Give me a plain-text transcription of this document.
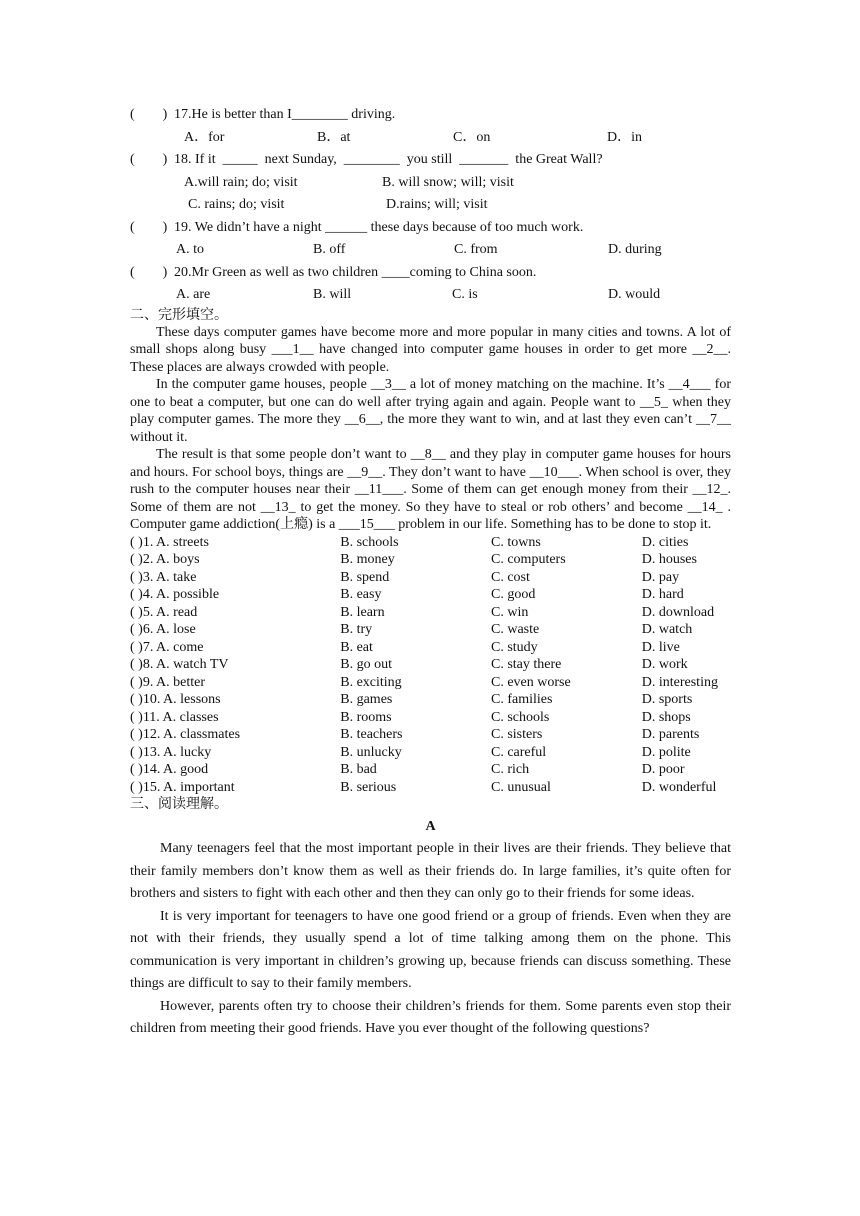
(        ) 17.He is better than I________ driving.
A．for	B．at	C．on	D．in
(        ) 18. If it  _____  next Sunday,  ________  you still  _______  the Great Wall?
A.will rain; do; visit	B. will snow; will; visit
C. rains; do; visit	D.rains; will; visit
(        ) 19. We didn’t have a night ______ these days because of too much work.
A. to	B. off	C. from	D. during
(        ) 20.Mr Green as well as two children ____coming to China soon.
A. are	B. will	C. is	D. would
二、完形填空。

These days computer games have become more and more popular in many cities and towns. A lot of small shops along busy ___1__ have changed into computer game houses in order to get more __2__. These places are always crowded with people.

In the computer game houses, people __3__ a lot of money matching on the machine. It’s __4___ for one to beat a computer, but one can do well after trying again and again. People want to __5_ when they play computer games. The more they __6__, the more they want to win, and at last they even can’t __7__ without it.

The result is that some people don’t want to __8__ and they play in computer game houses for hours and hours. For school boys, things are __9__. They don’t want to have __10___. When school is over, they rush to the computer houses near their __11___. Some of them can get enough money from their __12_. Some of them are not __13_ to get the money. So they have to steal or rob others’ and become __14_ . Computer game addiction(上瘾) is a ___15___ problem in our life. Something has to be done to stop it.

( )1. A. streets	B. schools	C. towns	D. cities
( )2. A. boys	B. money	C. computers	D. houses
( )3. A. take	B. spend	C. cost	D. pay
( )4. A. possible	B. easy	C. good	D. hard
( )5. A. read	B. learn	C. win	D. download
( )6. A. lose	B. try	C. waste	D. watch
( )7. A. come	B. eat	C. study	D. live
( )8. A. watch TV	B. go out	C. stay there	D. work
( )9. A. better	B. exciting	C. even worse	D. interesting
( )10. A. lessons	B. games	C. families	D. sports
( )11. A. classes	B. rooms	C. schools	D. shops
( )12. A. classmates	B. teachers	C. sisters	D. parents
( )13. A. lucky	B. unlucky	C. careful	D. polite
( )14. A. good	B. bad	C. rich	D. poor
( )15. A. important	B. serious	C. unusual	D. wonderful
三、阅读理解。
A

Many teenagers feel that the most important people in their lives are their friends. They believe that their family members don’t know them as well as their friends do. In large families, it’s quite often for brothers and sisters to fight with each other and then they can only go to their friends for some ideas.

It is very important for teenagers to have one good friend or a group of friends. Even when they are not with their friends, they usually spend a lot of time talking among them on the phone. This communication is very important in children’s growing up, because friends can discuss something. These things are difficult to say to their family members.

However, parents often try to choose their children’s friends for them. Some parents even stop their children from meeting their good friends. Have you ever thought of the following questions?
